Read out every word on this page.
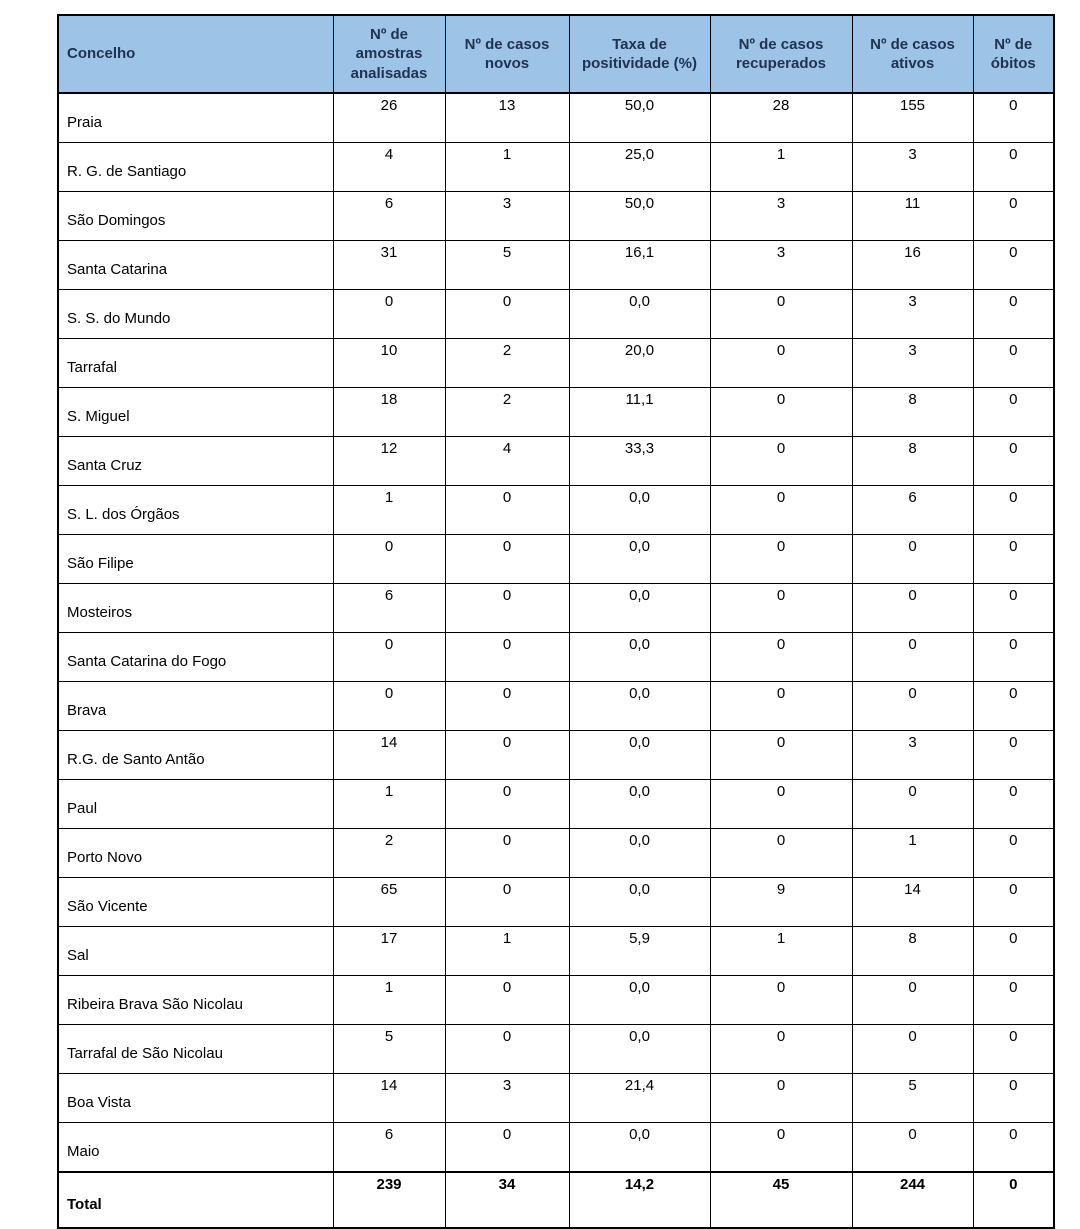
Concelho	Nº de amostras analisadas	Nº de casos novos	Taxa de positividade (%)	Nº de casos recuperados	Nº de casos ativos	Nº de óbitos
Praia	26	13	50,0	28	155	0
R. G. de Santiago	4	1	25,0	1	3	0
São Domingos	6	3	50,0	3	11	0
Santa Catarina	31	5	16,1	3	16	0
S. S. do Mundo	0	0	0,0	0	3	0
Tarrafal	10	2	20,0	0	3	0
S. Miguel	18	2	11,1	0	8	0
Santa Cruz	12	4	33,3	0	8	0
S. L. dos Órgãos	1	0	0,0	0	6	0
São Filipe	0	0	0,0	0	0	0
Mosteiros	6	0	0,0	0	0	0
Santa Catarina do Fogo	0	0	0,0	0	0	0
Brava	0	0	0,0	0	0	0
R.G. de Santo Antão	14	0	0,0	0	3	0
Paul	1	0	0,0	0	0	0
Porto Novo	2	0	0,0	0	1	0
São Vicente	65	0	0,0	9	14	0
Sal	17	1	5,9	1	8	0
Ribeira Brava São Nicolau	1	0	0,0	0	0	0
Tarrafal de São Nicolau	5	0	0,0	0	0	0
Boa Vista	14	3	21,4	0	5	0
Maio	6	0	0,0	0	0	0
Total	239	34	14,2	45	244	0
